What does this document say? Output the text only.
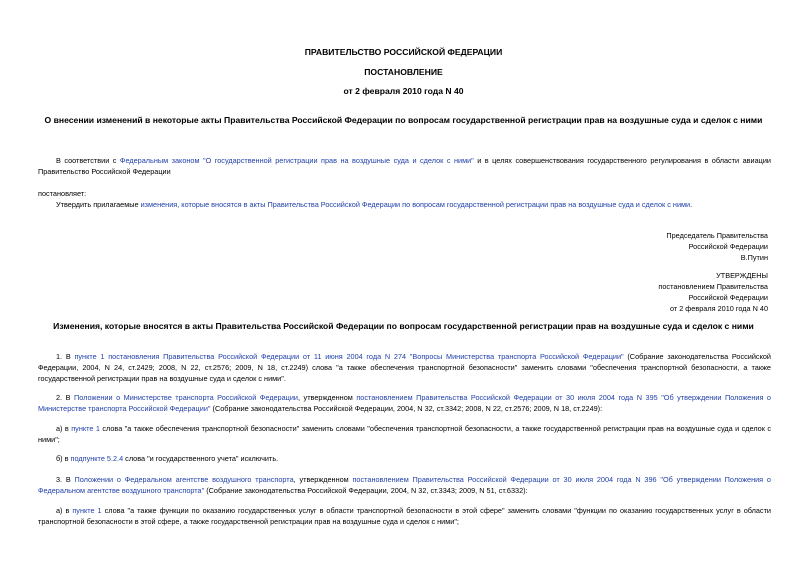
ПРАВИТЕЛЬСТВО РОССИЙСКОЙ ФЕДЕРАЦИИ
ПОСТАНОВЛЕНИЕ
от 2 февраля 2010 года N 40
О внесении изменений в некоторые акты Правительства Российской Федерации по вопросам государственной регистрации прав на воздушные суда и сделок с ними
В соответствии с Федеральным законом "О государственной регистрации прав на воздушные суда и сделок с ними" и в целях совершенствования государственного регулирования в области авиации Правительство Российской Федерации
постановляет:
Утвердить прилагаемые изменения, которые вносятся в акты Правительства Российской Федерации по вопросам государственной регистрации прав на воздушные суда и сделок с ними.
Председатель Правительства
Российской Федерации
В.Путин
УТВЕРЖДЕНЫ
постановлением Правительства
Российской Федерации
от 2 февраля 2010 года N 40
Изменения, которые вносятся в акты Правительства Российской Федерации по вопросам государственной регистрации прав на воздушные суда и сделок с ними
1. В пункте 1 постановления Правительства Российской Федерации от 11 июня 2004 года N 274 "Вопросы Министерства транспорта Российской Федерации" (Собрание законодательства Российской Федерации, 2004, N 24, ст.2429; 2008, N 22, ст.2576; 2009, N 18, ст.2249) слова "а также обеспечения транспортной безопасности" заменить словами "обеспечения транспортной безопасности, а также государственной регистрации прав на воздушные суда и сделок с ними".
2. В Положении о Министерстве транспорта Российской Федерации, утвержденном постановлением Правительства Российской Федерации от 30 июля 2004 года N 395 "Об утверждении Положения о Министерстве транспорта Российской Федерации" (Собрание законодательства Российской Федерации, 2004, N 32, ст.3342; 2008, N 22, ст.2576; 2009, N 18, ст.2249):
а) в пункте 1 слова "а также обеспечения транспортной безопасности" заменить словами "обеспечения транспортной безопасности, а также государственной регистрации прав на воздушные суда и сделок с ними";
б) в подпункте 5.2.4 слова "и государственного учета" исключить.
3. В Положении о Федеральном агентстве воздушного транспорта, утвержденном постановлением Правительства Российской Федерации от 30 июля 2004 года N 396 "Об утверждении Положения о Федеральном агентстве воздушного транспорта" (Собрание законодательства Российской Федерации, 2004, N 32, ст.3343; 2009, N 51, ст.6332):
а) в пункте 1 слова "а также функции по оказанию государственных услуг в области транспортной безопасности в этой сфере" заменить словами "функции по оказанию государственных услуг в области транспортной безопасности в этой сфере, а также государственной регистрации прав на воздушные суда и сделок с ними";
